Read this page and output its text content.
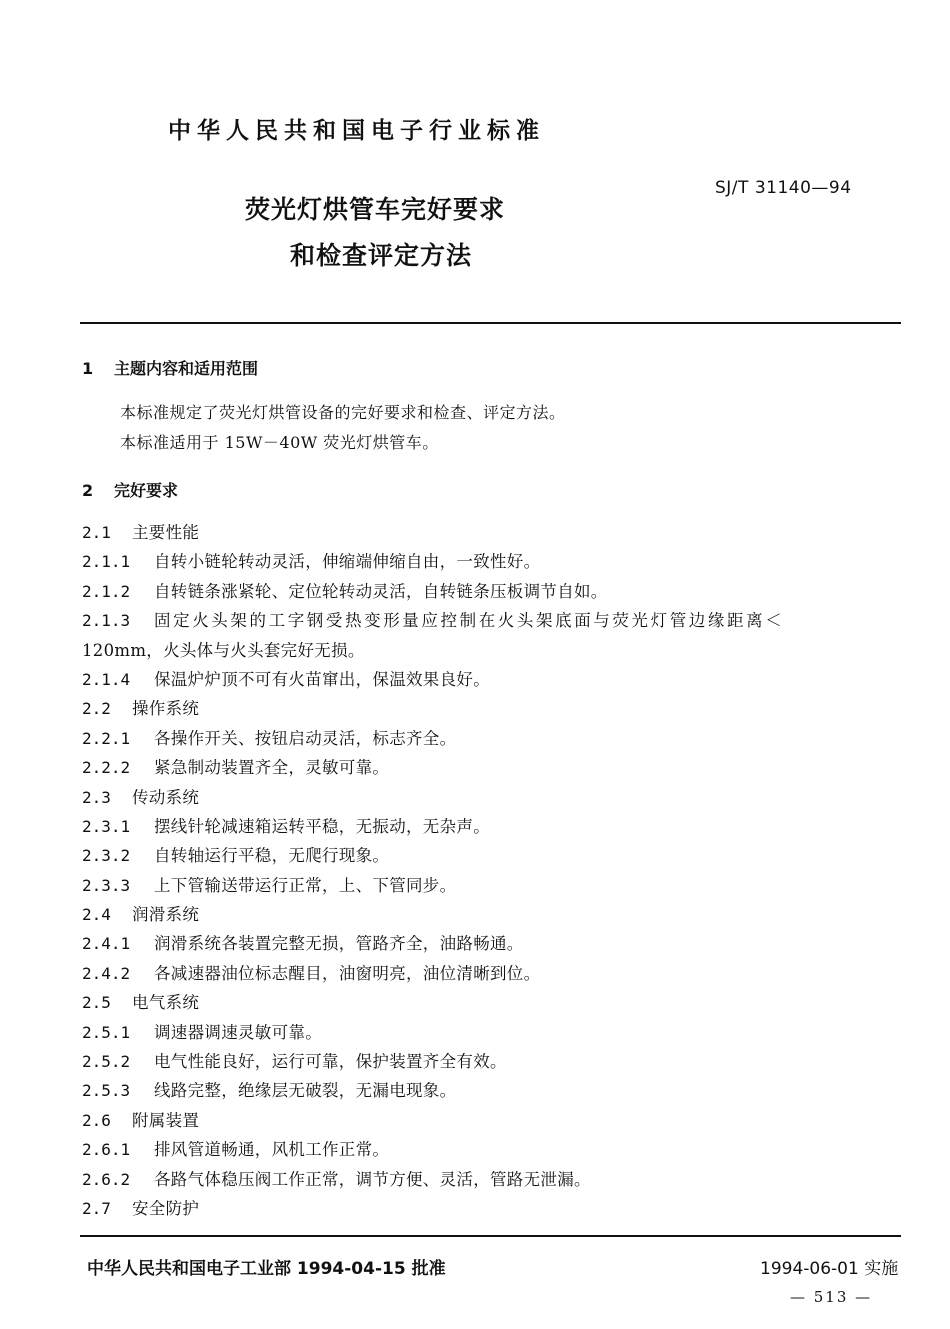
中华人民共和国电子行业标准
SJ/T 31140—94
荧光灯烘管车完好要求
和检查评定方法
1 主题内容和适用范围
本标准规定了荧光灯烘管设备的完好要求和检查、评定方法。
本标准适用于 15W－40W 荧光灯烘管车。
2 完好要求
2.1	主要性能
2.1.1	自转小链轮转动灵活，伸缩端伸缩自由，一致性好。
2.1.2	自转链条涨紧轮、定位轮转动灵活，自转链条压板调节自如。
2.1.3	固定火头架的工字钢受热变形量应控制在火头架底面与荧光灯管边缘距离＜
120mm，火头体与火头套完好无损。
2.1.4	保温炉炉顶不可有火苗窜出，保温效果良好。
2.2	操作系统
2.2.1	各操作开关、按钮启动灵活，标志齐全。
2.2.2	紧急制动装置齐全，灵敏可靠。
2.3	传动系统
2.3.1	摆线针轮减速箱运转平稳，无振动，无杂声。
2.3.2	自转轴运行平稳，无爬行现象。
2.3.3	上下管输送带运行正常，上、下管同步。
2.4	润滑系统
2.4.1	润滑系统各装置完整无损，管路齐全，油路畅通。
2.4.2	各减速器油位标志醒目，油窗明亮，油位清晰到位。
2.5	电气系统
2.5.1	调速器调速灵敏可靠。
2.5.2	电气性能良好，运行可靠，保护装置齐全有效。
2.5.3	线路完整，绝缘层无破裂，无漏电现象。
2.6	附属装置
2.6.1	排风管道畅通，风机工作正常。
2.6.2	各路气体稳压阀工作正常，调节方便、灵活，管路无泄漏。
2.7	安全防护
中华人民共和国电子工业部 1994-04-15 批准	1994-06-01 实施
— 513 —
